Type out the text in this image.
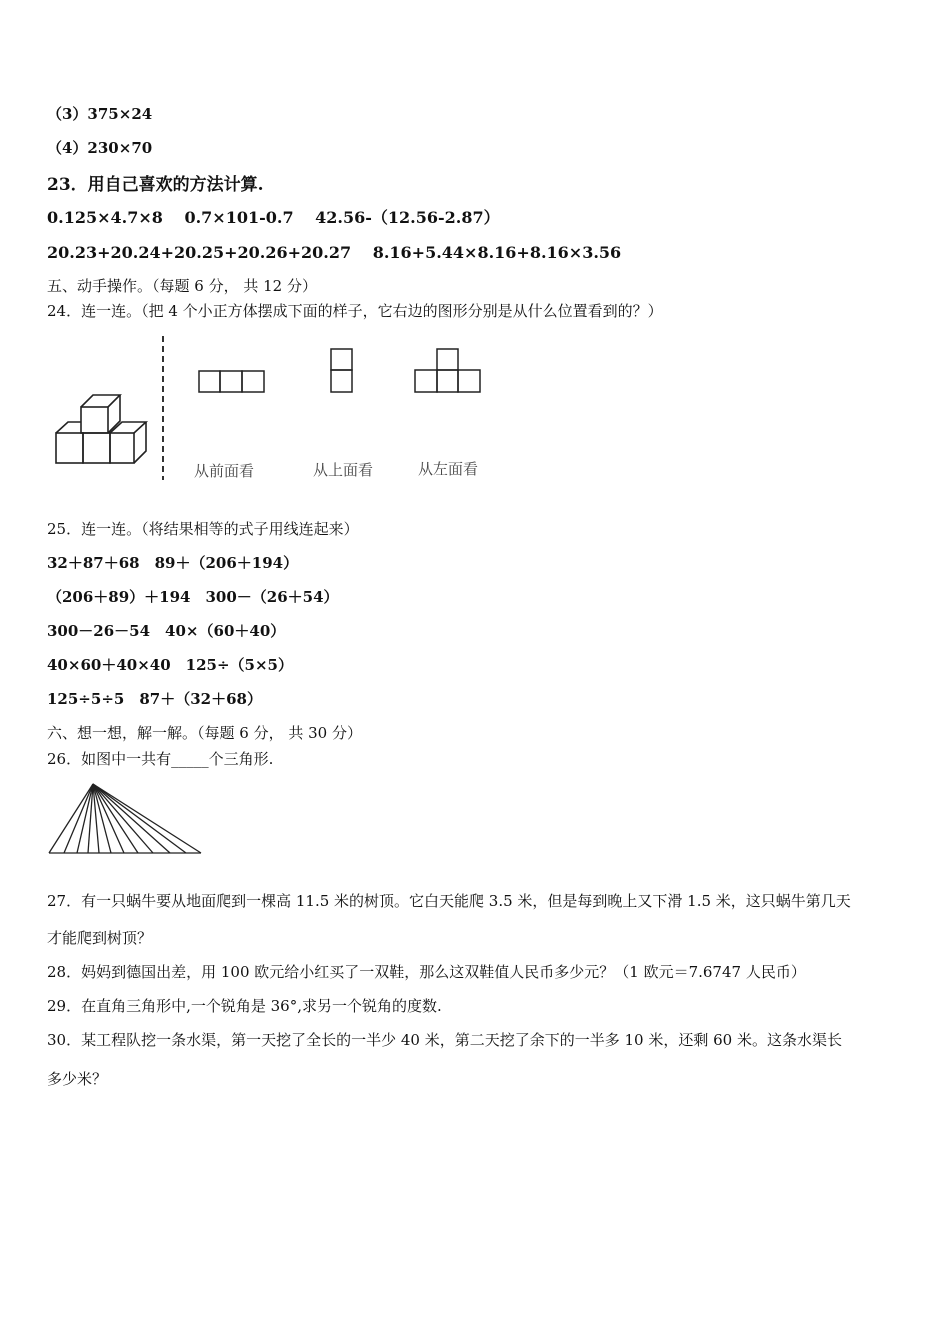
（3）375×24
（4）230×70
23．用自己喜欢的方法计算.
0.125×4.7×8　 0.7×101-0.7　 42.56-（12.56-2.87）
20.23+20.24+20.25+20.26+20.27　 8.16+5.44×8.16+8.16×3.56
五、动手操作。（每题 6 分， 共 12 分）
24．连一连。（把 4 个小正方体摆成下面的样子，它右边的图形分别是从什么位置看到的？）
从前面看	从上面看	从左面看
25．连一连。（将结果相等的式子用线连起来）
32＋87＋68　89＋（206＋194）
（206＋89）＋194　300－（26＋54）
300－26－54　40×（60＋40）
40×60＋40×40　125÷（5×5）
125÷5÷5　87＋（32＋68）
六、想一想，解一解。（每题 6 分， 共 30 分）
26．如图中一共有_____个三角形.
27．有一只蜗牛要从地面爬到一棵高 11.5 米的树顶。它白天能爬 3.5 米，但是每到晚上又下滑 1.5 米，这只蜗牛第几天
才能爬到树顶？
28．妈妈到德国出差，用 100 欧元给小红买了一双鞋，那么这双鞋值人民币多少元？（1 欧元＝7.6747 人民币）
29．在直角三角形中,一个锐角是 36°,求另一个锐角的度数.
30．某工程队挖一条水渠，第一天挖了全长的一半少 40 米，第二天挖了余下的一半多 10 米，还剩 60 米。这条水渠长
多少米？
